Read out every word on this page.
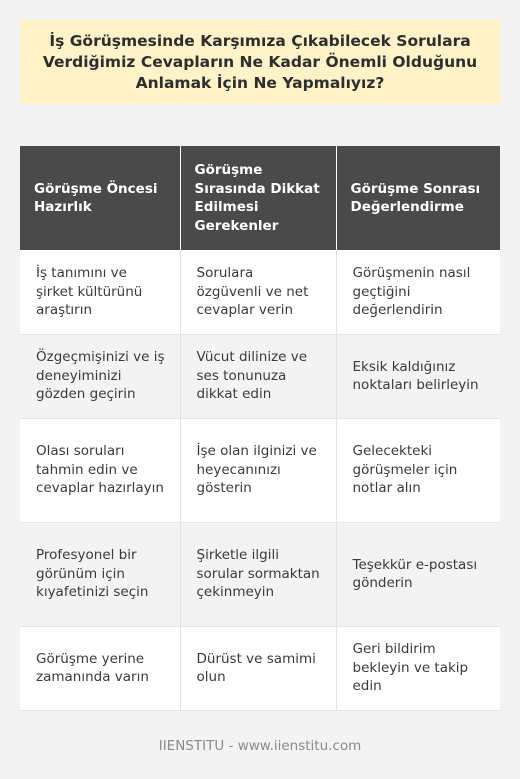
İş Görüşmesinde Karşımıza Çıkabilecek Sorulara Verdiğimiz Cevapların Ne Kadar Önemli Olduğunu Anlamak İçin Ne Yapmalıyız?
Görüşme Öncesi Hazırlık	Görüşme Sırasında Dikkat Edilmesi Gerekenler	Görüşme Sonrası Değerlendirme
İş tanımını ve şirket kültürünü araştırın	Sorulara özgüvenli ve net cevaplar verin	Görüşmenin nasıl geçtiğini değerlendirin
Özgeçmişinizi ve iş deneyiminizi gözden geçirin	Vücut dilinize ve ses tonunuza dikkat edin	Eksik kaldığınız noktaları belirleyin
Olası soruları tahmin edin ve cevaplar hazırlayın	İşe olan ilginizi ve heyecanınızı gösterin	Gelecekteki görüşmeler için notlar alın
Profesyonel bir görünüm için kıyafetinizi seçin	Şirketle ilgili sorular sormaktan çekinmeyin	Teşekkür e-postası gönderin
Görüşme yerine zamanında varın	Dürüst ve samimi olun	Geri bildirim bekleyin ve takip edin
IIENSTITU - www.iienstitu.com
